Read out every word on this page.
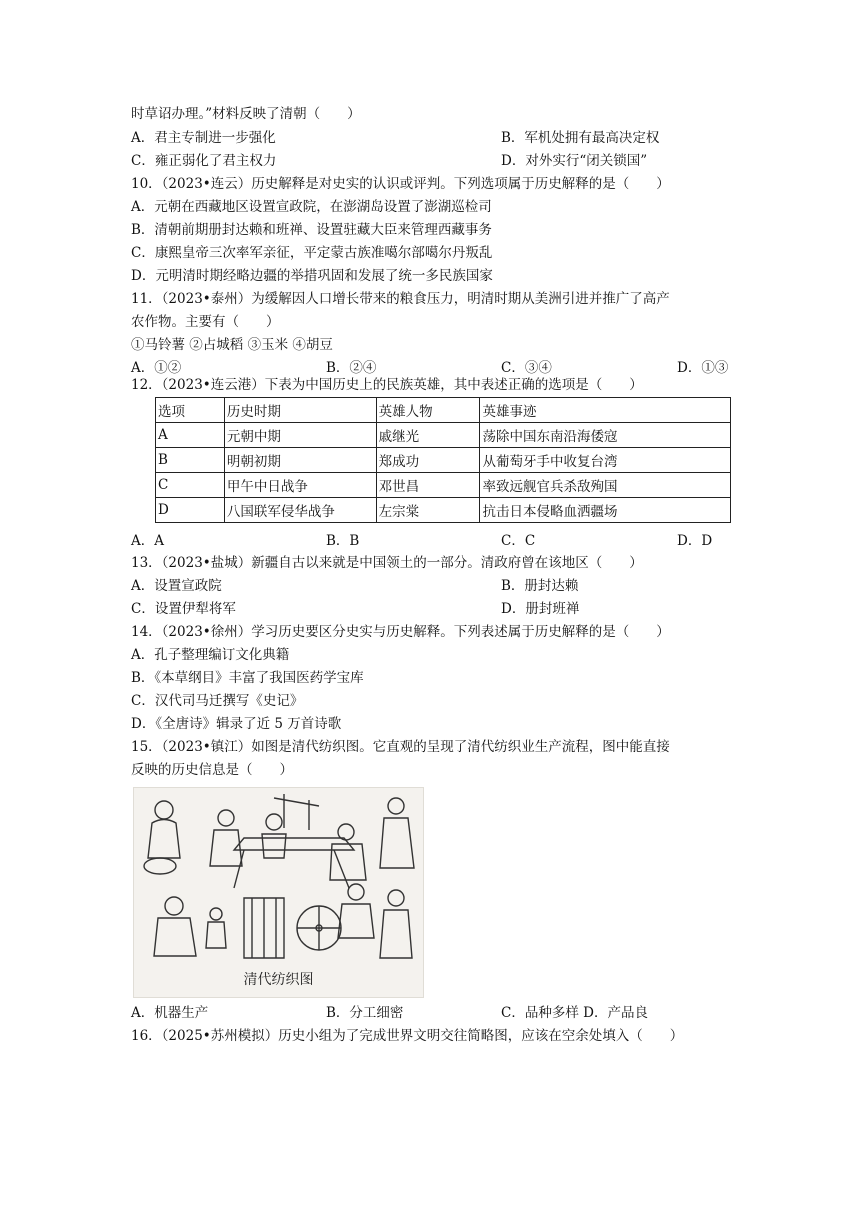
时草诏办理。”材料反映了清朝（　　）
A．君主专制进一步强化	B．军机处拥有最高决定权
C．雍正弱化了君主权力	D．对外实行“闭关锁国”
10．（2023•连云）历史解释是对史实的认识或评判。下列选项属于历史解释的是（　　）
A．元朝在西藏地区设置宣政院，在澎湖岛设置了澎湖巡检司
B．清朝前期册封达赖和班禅、设置驻藏大臣来管理西藏事务
C．康熙皇帝三次率军亲征，平定蒙古族准噶尔部噶尔丹叛乱
D．元明清时期经略边疆的举措巩固和发展了统一多民族国家
11．（2023•泰州）为缓解因人口增长带来的粮食压力，明清时期从美洲引进并推广了高产
农作物。主要有（　　）
①马铃薯 ②占城稻 ③玉米 ④胡豆
A．①②	B．②④	C．③④	D．①③
12．（2023•连云港）下表为中国历史上的民族英雄，其中表述正确的选项是（　　）
选项	历史时期	英雄人物	英雄事迹
A	元朝中期	戚继光	荡除中国东南沿海倭寇
B	明朝初期	郑成功	从葡萄牙手中收复台湾
C	甲午中日战争	邓世昌	率致远舰官兵杀敌殉国
D	八国联军侵华战争	左宗棠	抗击日本侵略血洒疆场
A．A	B．B	C．C	D．D
13．（2023•盐城）新疆自古以来就是中国领土的一部分。清政府曾在该地区（　　）
A．设置宣政院	B．册封达赖
C．设置伊犁将军	D．册封班禅
14．（2023•徐州）学习历史要区分史实与历史解释。下列表述属于历史解释的是（　　）
A．孔子整理编订文化典籍
B．《本草纲目》丰富了我国医药学宝库
C．汉代司马迁撰写《史记》
D．《全唐诗》辑录了近 5 万首诗歌
15．（2023•镇江）如图是清代纺织图。它直观的呈现了清代纺织业生产流程，图中能直接
反映的历史信息是（　　）
清代纺织图
A．机器生产	B．分工细密	C．品种多样 D．产品良
16．（2025•苏州模拟）历史小组为了完成世界文明交往简略图，应该在空余处填入（　　）
